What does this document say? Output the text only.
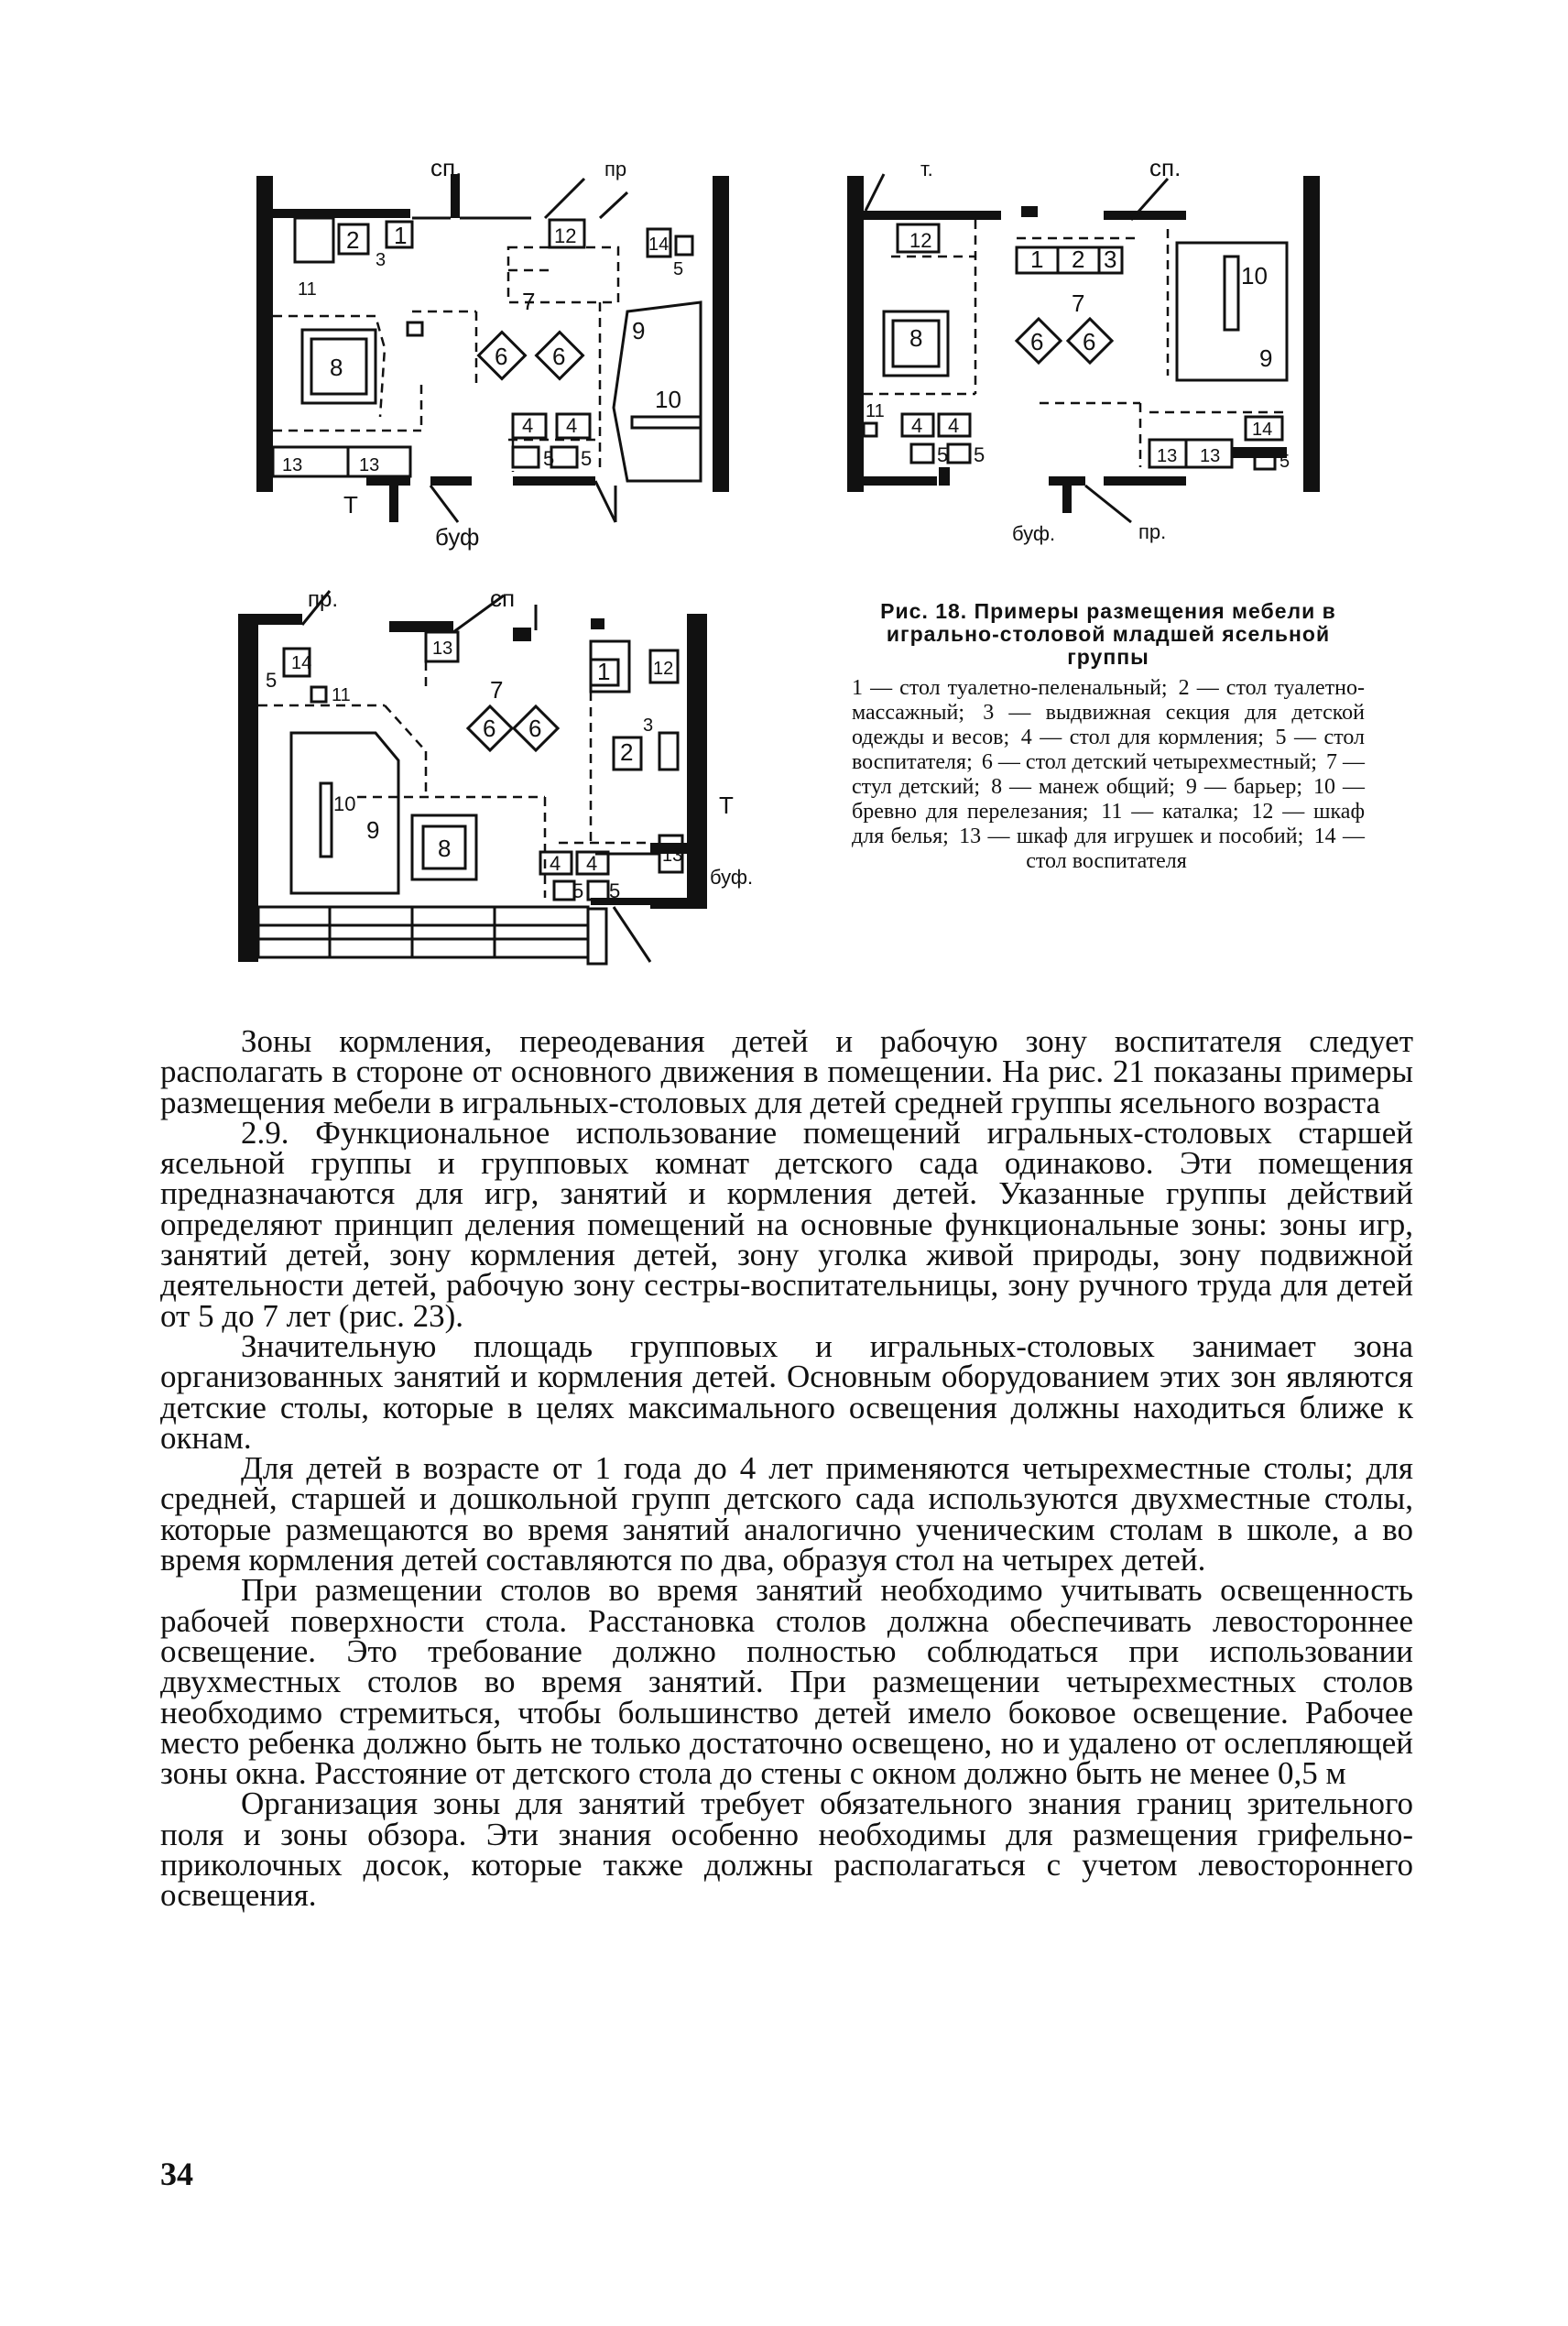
сп.	пр
Т
буф
2 1
3
11
8
12	14
5
7
6 6
9
10
4 4
5 5
13	13
сп.
пр.
т.
буф.
12
1 2 3
8
10
9
7
6 6
11
4 4
5 5
14
5
13 13
пр.	сп
Т
буф.
14
5
11
13
12
1
2
3
7
6 6
10
9
8
4 4
5 5
13
Рис. 18. Примеры размещения мебели в игрально-столовой младшей ясельной группы
1 — стол туалетно-пеленальный; 2 — стол туалетно-массажный; 3 — выдвижная секция для детской одежды и весов; 4 — стол для кормления; 5 — стол воспитателя; 6 — стол детский четырехместный; 7 — стул детский; 8 — манеж общий; 9 — барьер; 10 — бревно для перелезания; 11 — каталка; 12 — шкаф для белья; 13 — шкаф для игрушек и пособий; 14 — стол воспитателя

Зоны кормления, переодевания детей и рабочую зону воспитателя следует располагать в стороне от основного движения в помещении. На рис. 21 показаны примеры размещения мебели в игральных-столовых для детей средней группы ясельного возраста

2.9. Функциональное использование помещений игральных-столовых старшей ясельной группы и групповых комнат детского сада одинаково. Эти помещения предназначаются для игр, занятий и кормления детей. Указанные группы действий определяют принцип деления помещений на основные функциональные зоны: зоны игр, занятий детей, зону кормления детей, зону уголка живой природы, зону подвижной деятельности детей, рабочую зону сестры-воспитательницы, зону ручного труда для детей от 5 до 7 лет (рис. 23).

Значительную площадь групповых и игральных-столовых занимает зона организованных занятий и кормления детей. Основным оборудованием этих зон являются детские столы, которые в целях максимального освещения должны находиться ближе к окнам.

Для детей в возрасте от 1 года до 4 лет применяются четырехместные столы; для средней, старшей и дошкольной групп детского сада используются двухместные столы, которые размещаются во время занятий аналогично ученическим столам в школе, а во время кормления детей составляются по два, образуя стол на четырех детей.

При размещении столов во время занятий необходимо учитывать освещенность рабочей поверхности стола. Расстановка столов должна обеспечивать левостороннее освещение. Это требование должно полностью соблюдаться при использовании двухместных столов во время занятий. При размещении четырехместных столов необходимо стремиться, чтобы большинство детей имело боковое освещение. Рабочее место ребенка должно быть не только достаточно освещено, но и удалено от ослепляющей зоны окна. Расстояние от детского стола до стены с окном должно быть не менее 0,5 м

Организация зоны для занятий требует обязательного знания границ зрительного поля и зоны обзора. Эти знания особенно необходимы для размещения грифельно-приколочных досок, которые также должны располагаться с учетом левостороннего освещения.

34
